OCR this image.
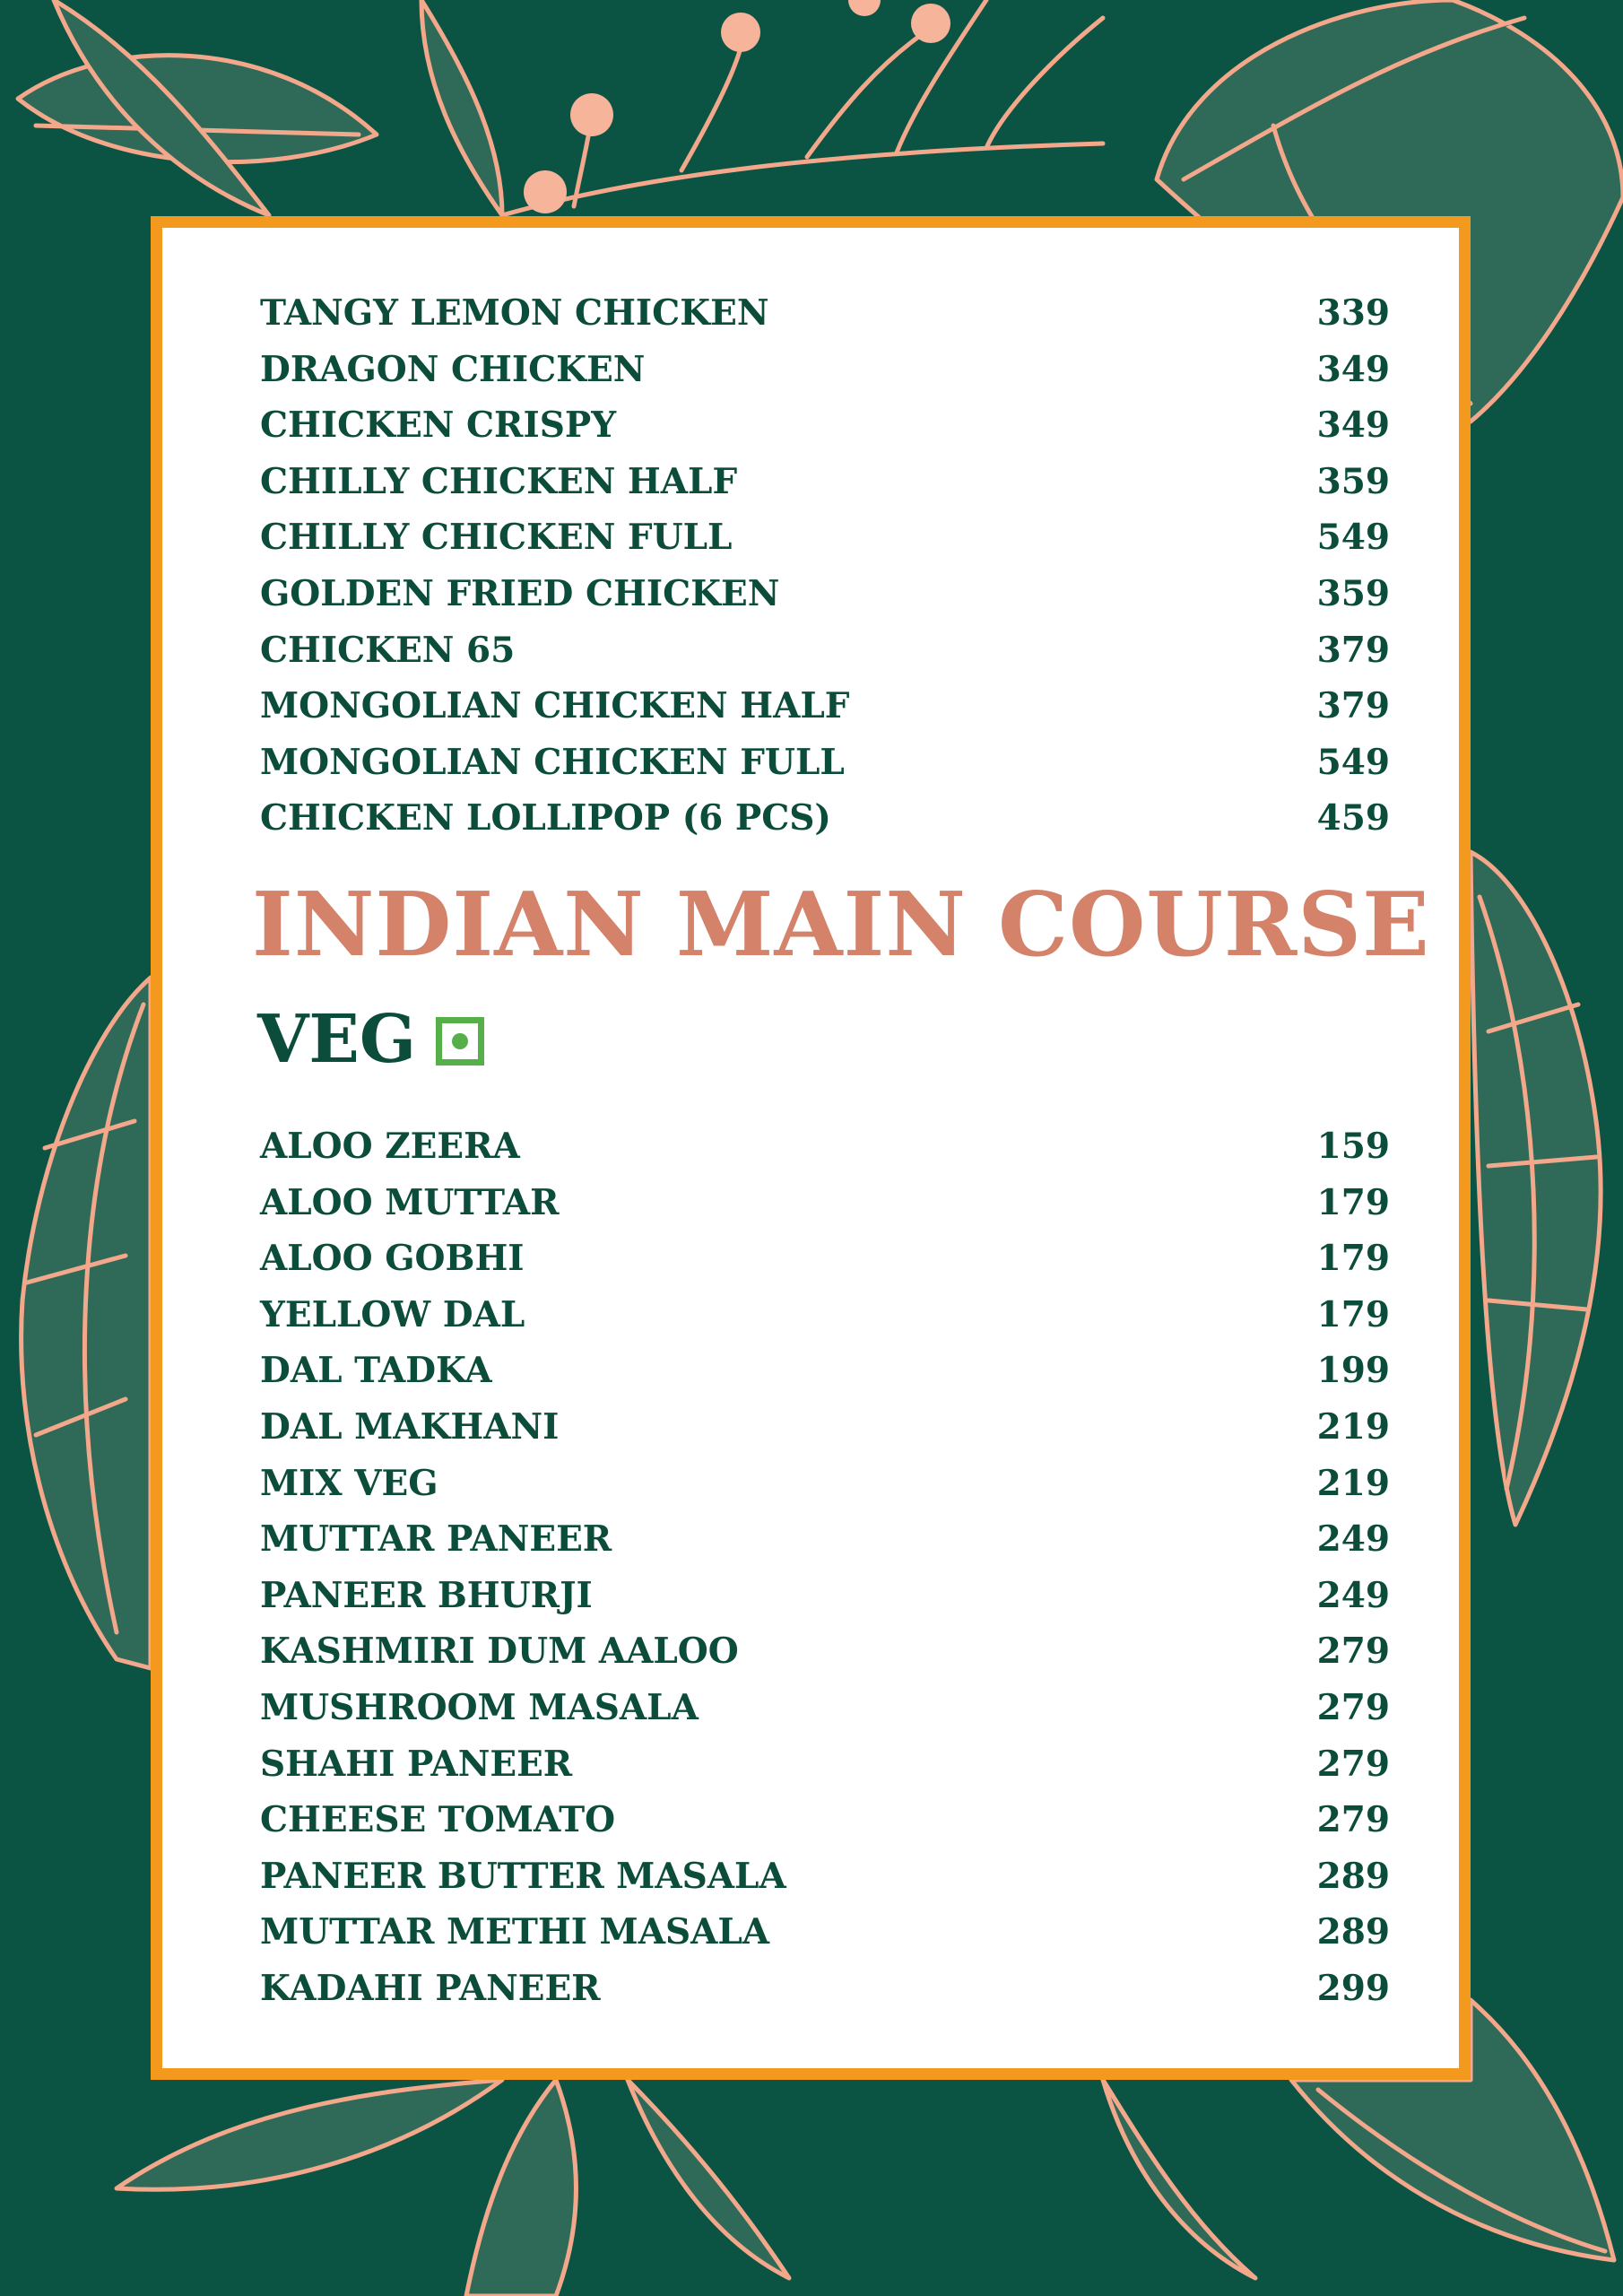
TANGY LEMON CHICKEN	339
DRAGON CHICKEN	349
CHICKEN CRISPY	349
CHILLY CHICKEN HALF	359
CHILLY CHICKEN FULL	549
GOLDEN FRIED CHICKEN	359
CHICKEN 65	379
MONGOLIAN CHICKEN HALF	379
MONGOLIAN CHICKEN FULL	549
CHICKEN LOLLIPOP (6 PCS)	459
INDIAN MAIN COURSE
VEG
ALOO ZEERA	159
ALOO MUTTAR	179
ALOO GOBHI	179
YELLOW DAL	179
DAL TADKA	199
DAL MAKHANI	219
MIX VEG	219
MUTTAR PANEER	249
PANEER BHURJI	249
KASHMIRI DUM AALOO	279
MUSHROOM MASALA	279
SHAHI PANEER	279
CHEESE TOMATO	279
PANEER BUTTER MASALA	289
MUTTAR METHI MASALA	289
KADAHI PANEER	299
